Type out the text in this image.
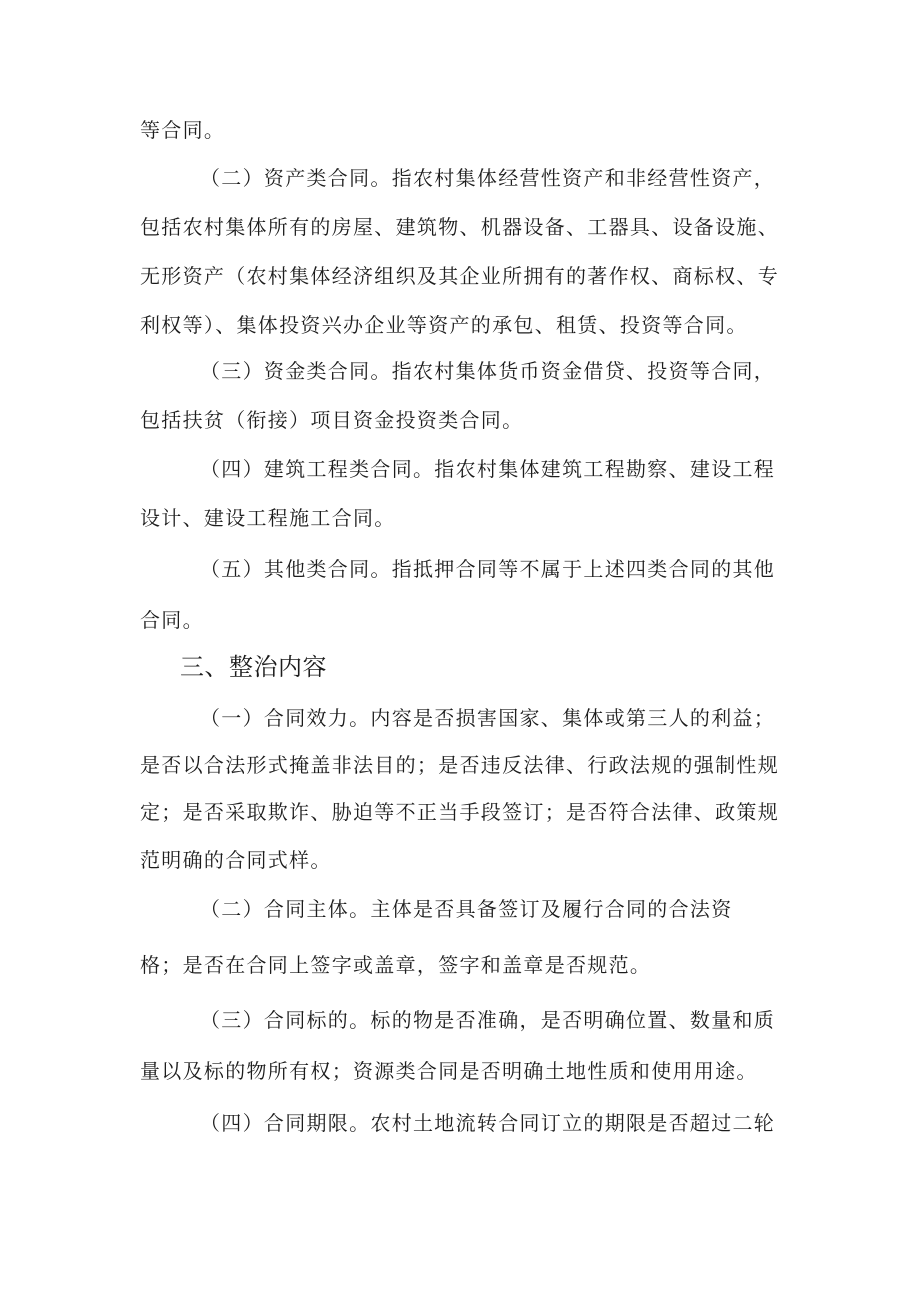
等合同。
（二）资产类合同。指农村集体经营性资产和非经营性资产，
包括农村集体所有的房屋、建筑物、机器设备、工器具、设备设施、
无形资产（农村集体经济组织及其企业所拥有的著作权、商标权、专
利权等）、集体投资兴办企业等资产的承包、租赁、投资等合同。
（三）资金类合同。指农村集体货币资金借贷、投资等合同，
包括扶贫（衔接）项目资金投资类合同。
（四）建筑工程类合同。指农村集体建筑工程勘察、建设工程
设计、建设工程施工合同。
（五）其他类合同。指抵押合同等不属于上述四类合同的其他
合同。
三、整治内容
（一）合同效力。内容是否损害国家、集体或第三人的利益；
是否以合法形式掩盖非法目的；是否违反法律、行政法规的强制性规
定；是否采取欺诈、胁迫等不正当手段签订；是否符合法律、政策规
范明确的合同式样。
（二）合同主体。主体是否具备签订及履行合同的合法资
格；是否在合同上签字或盖章，签字和盖章是否规范。
（三）合同标的。标的物是否准确，是否明确位置、数量和质
量以及标的物所有权；资源类合同是否明确土地性质和使用用途。
（四）合同期限。农村土地流转合同订立的期限是否超过二轮
